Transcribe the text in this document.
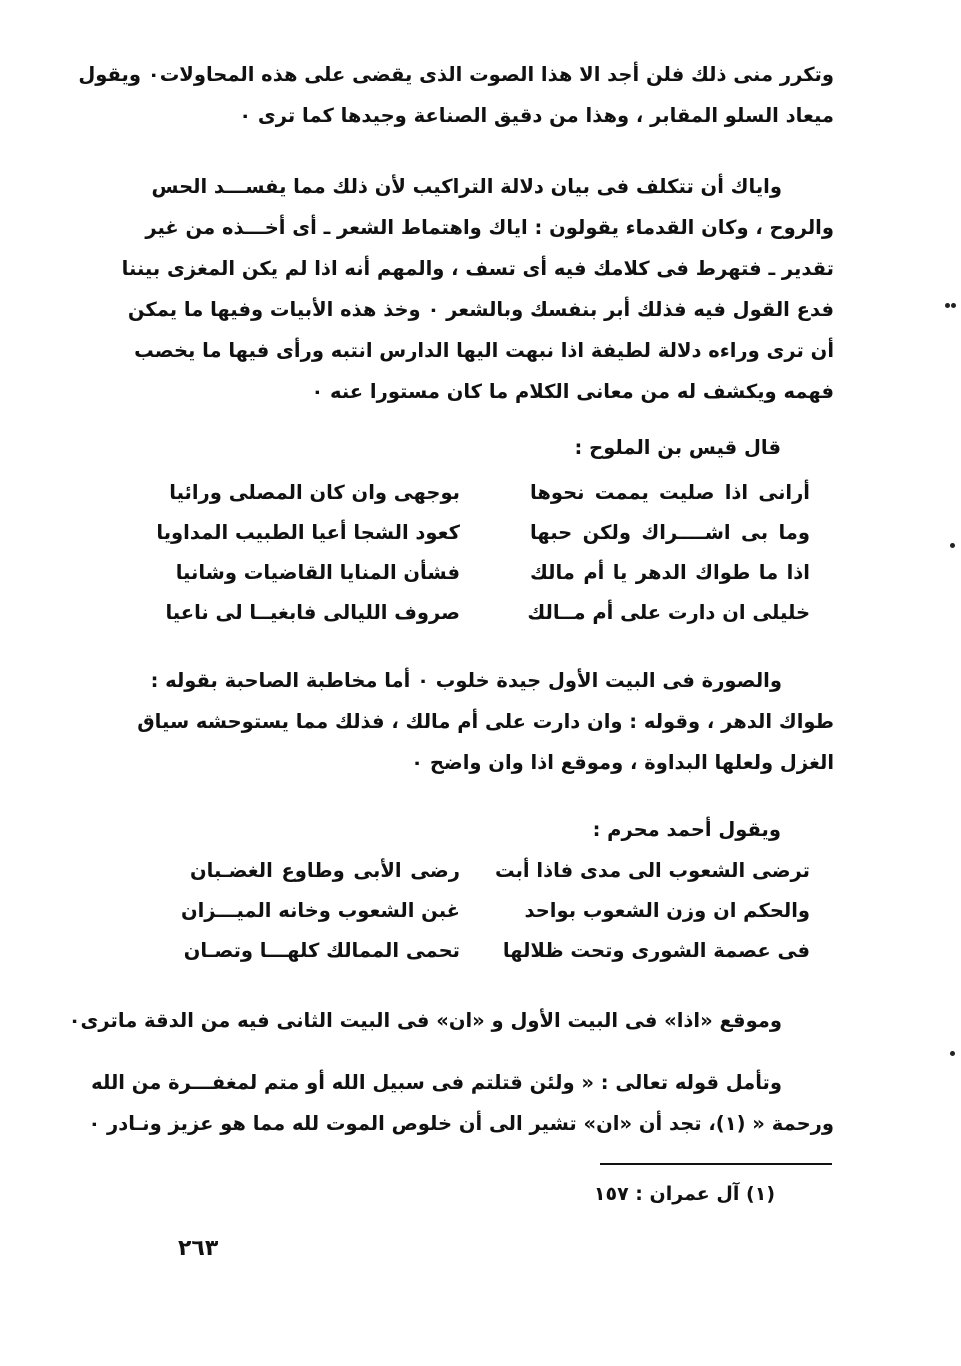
وتكرر منى ذلك فلن أجد الا هذا الصوت الذى يقضى على هذه المحاولات٠ ويقول
ميعاد السلو المقابر ، وهذا من دقيق الصناعة وجيدها كما ترى ٠

واياك أن تتكلف فى بيان دلالة التراكيب لأن ذلك مما يفســـد الحس
والروح ، وكان القدماء يقولون : اياك واهتماط الشعر ـ أى أخـــذه من غير
تقدير ـ فتهرط فى كلامك فيه أى تسف ، والمهم أنه اذا لم يكن المغزى بيننا
فدع القول فيه فذلك أبر بنفسك وبالشعر ٠ وخذ هذه الأبيات وفيها ما يمكن
أن ترى وراءه دلالة لطيفة اذا نبهت اليها الدارس انتبه ورأى فيها ما يخصب
فهمه ويكشف له من معانى الكلام ما كان مستورا عنه ٠

قال قيس بن الملوح :

أرانى اذا صليت يممت نحوها
بوجهى وان كان المصلى ورائيا
وما بى اشــــراك ولكن حبها
كعود الشجا أعيا الطبيب المداويا
اذا ما طواك الدهر يا أم مالك
فشأن المنايا القاضيات وشانيا
خليلى ان دارت على أم مــالك
صروف الليالى فابغيــا لى ناعيا

والصورة فى البيت الأول جيدة خلوب ٠ أما مخاطبة الصاحبة بقوله :
طواك الدهر ، وقوله : وان دارت على أم مالك ، فذلك مما يستوحشه سياق
الغزل ولعلها البداوة ، وموقع اذا وان واضح ٠

ويقول أحمد محرم :

ترضى الشعوب الى مدى فاذا أبت
رضى الأبى وطاوع الغضـبان
والحكم ان وزن الشعوب بواحد
غبن الشعوب وخانه الميـــزان
فى عصمة الشورى وتحت ظلالها
تحمى الممالك كلهـــا وتصـان

وموقع «اذا» فى البيت الأول و «ان» فى البيت الثانى فيه من الدقة ماترى٠

وتأمل قوله تعالى : « ولئن قتلتم فى سبيل الله أو متم لمغفـــرة من الله
ورحمة « (١)، تجد أن «ان» تشير الى أن خلوص الموت لله مما هو عزيز ونـادر ٠

(١) آل عمران : ١٥٧

٢٦٣
